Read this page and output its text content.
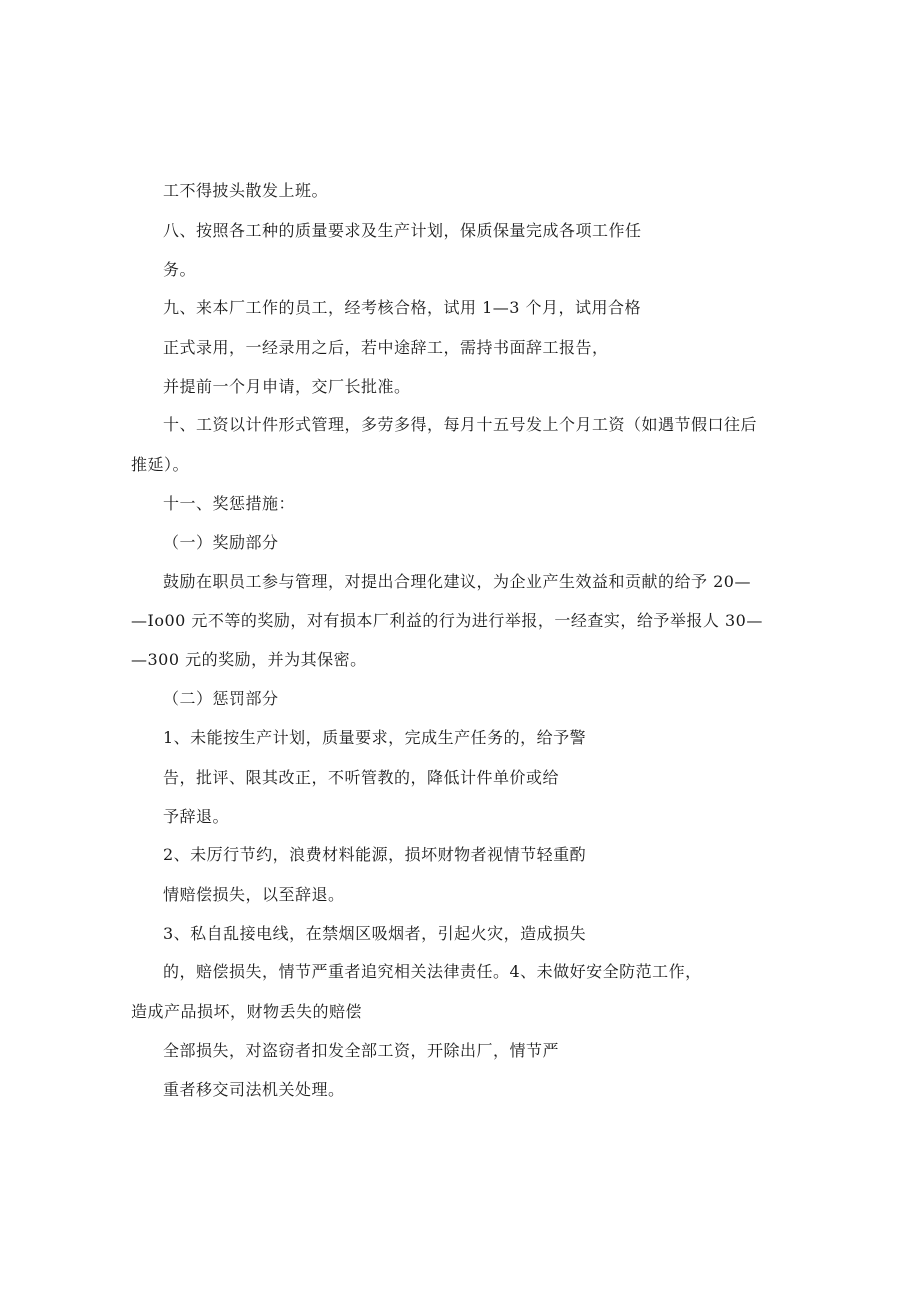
工不得披头散发上班。
八、按照各工种的质量要求及生产计划，保质保量完成各项工作任
务。
九、来本厂工作的员工，经考核合格，试用 1—3 个月，试用合格
正式录用，一经录用之后，若中途辞工，需持书面辞工报告，
并提前一个月申请，交厂长批准。
十、工资以计件形式管理，多劳多得，每月十五号发上个月工资（如遇节假口往后
推延）。
十一、奖惩措施：
（一）奖励部分
鼓励在职员工参与管理，对提出合理化建议，为企业产生效益和贡献的给予 20—
—Io00 元不等的奖励，对有损本厂利益的行为进行举报，一经查实，给予举报人 30—
—300 元的奖励，并为其保密。
（二）惩罚部分
1、未能按生产计划，质量要求，完成生产任务的，给予警
告，批评、限其改正，不听管教的，降低计件单价或给
予辞退。
2、未厉行节约，浪费材料能源，损坏财物者视情节轻重酌
情赔偿损失，以至辞退。
3、私自乱接电线，在禁烟区吸烟者，引起火灾，造成损失
的，赔偿损失，情节严重者追究相关法律责任。4、未做好安全防范工作，
造成产品损坏，财物丢失的赔偿
全部损失，对盗窃者扣发全部工资，开除出厂，情节严
重者移交司法机关处理。
